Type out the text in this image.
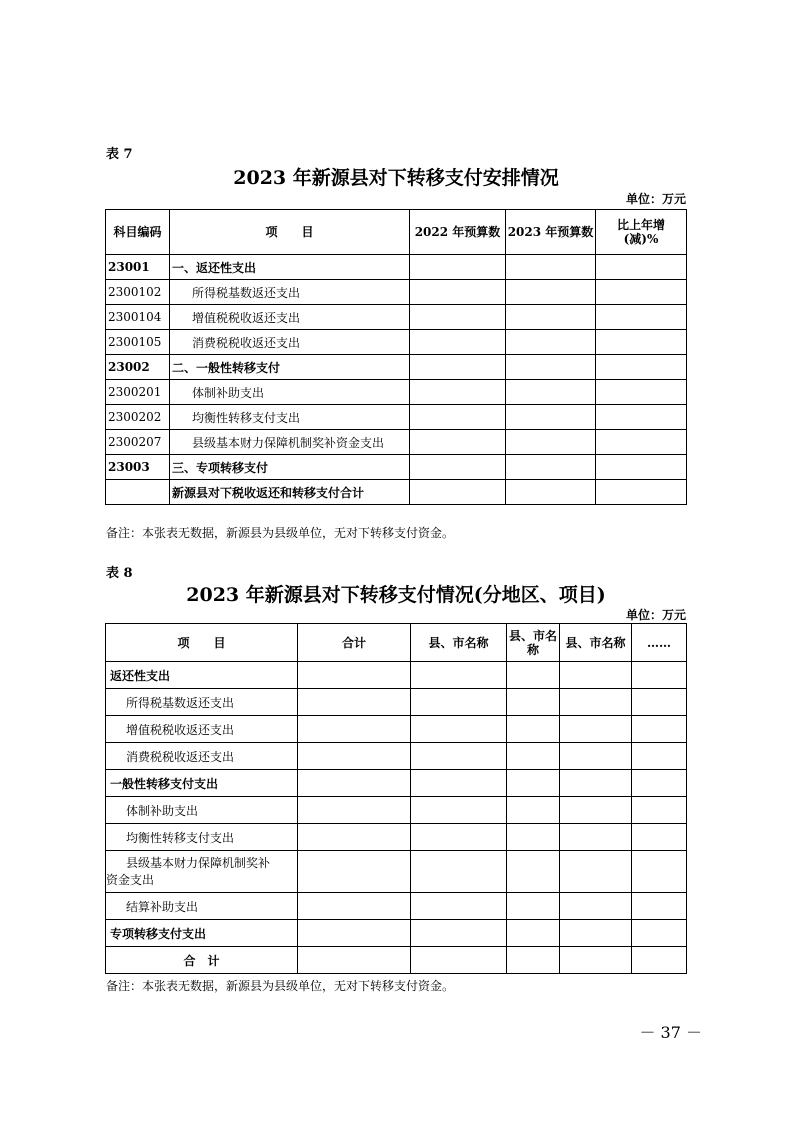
表 7
2023 年新源县对下转移支付安排情况
单位：万元
科目编码	项　　目	2022 年预算数	2023 年预算数	比上年增
(减)%

23001	一、返还性支出			
2300102	所得税基数返还支出			
2300104	增值税税收返还支出			
2300105	消费税税收返还支出			
23002	二、一般性转移支付			
2300201	体制补助支出			
2300202	均衡性转移支付支出			
2300207	县级基本财力保障机制奖补资金支出			
23003	三、专项转移支付			
	新源县对下税收返还和转移支付合计			
备注：本张表无数据，新源县为县级单位，无对下转移支付资金。
表 8
2023 年新源县对下转移支付情况(分地区、项目)
单位：万元
项　　目	合计	县、市名称	县、市名
称	县、市名称	……
返还性支出					
所得税基数返还支出					
增值税税收返还支出					
消费税税收返还支出					
一般性转移支付支出					
体制补助支出					
均衡性转移支付支出					

县级基本财力保障机制奖补
资金支出					

结算补助支出					
专项转移支付支出					
合　计					
备注：本张表无数据，新源县为县级单位，无对下转移支付资金。
－ 37 －
